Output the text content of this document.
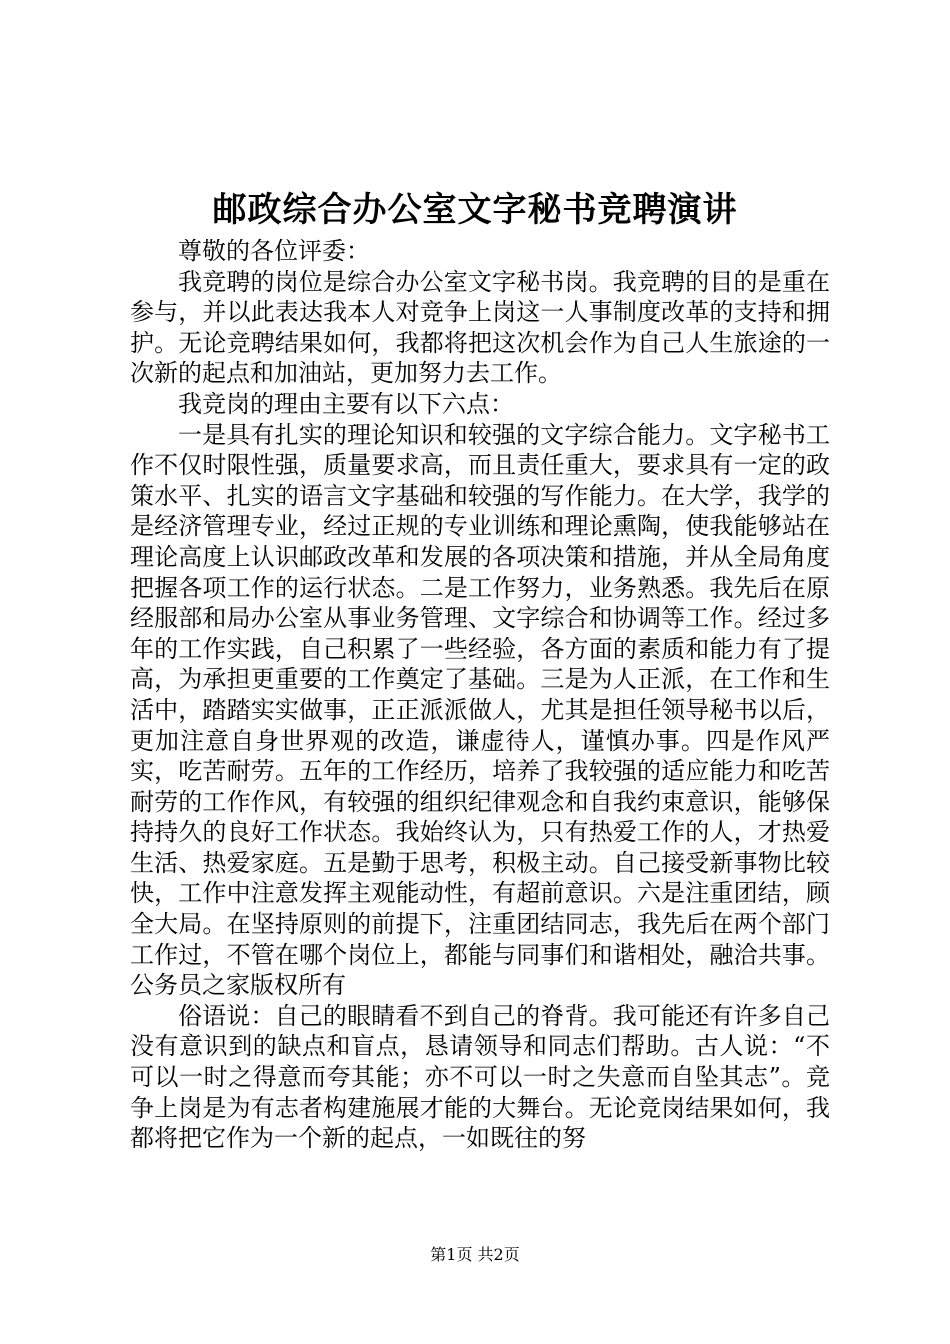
邮政综合办公室文字秘书竞聘演讲

尊敬的各位评委：

我竞聘的岗位是综合办公室文字秘书岗。我竞聘的目的是重在参与，并以此表达我本人对竞争上岗这一人事制度改革的支持和拥护。无论竞聘结果如何，我都将把这次机会作为自己人生旅途的一次新的起点和加油站，更加努力去工作。

我竞岗的理由主要有以下六点：

一是具有扎实的理论知识和较强的文字综合能力。文字秘书工作不仅时限性强，质量要求高，而且责任重大，要求具有一定的政策水平、扎实的语言文字基础和较强的写作能力。在大学，我学的是经济管理专业，经过正规的专业训练和理论熏陶，使我能够站在理论高度上认识邮政改革和发展的各项决策和措施，并从全局角度把握各项工作的运行状态。二是工作努力，业务熟悉。我先后在原经服部和局办公室从事业务管理、文字综合和协调等工作。经过多年的工作实践，自己积累了一些经验，各方面的素质和能力有了提高，为承担更重要的工作奠定了基础。三是为人正派，在工作和生活中，踏踏实实做事，正正派派做人，尤其是担任领导秘书以后，更加注意自身世界观的改造，谦虚待人，谨慎办事。四是作风严实，吃苦耐劳。五年的工作经历，培养了我较强的适应能力和吃苦耐劳的工作作风，有较强的组织纪律观念和自我约束意识，能够保持持久的良好工作状态。我始终认为，只有热爱工作的人，才热爱生活、热爱家庭。五是勤于思考，积极主动。自己接受新事物比较快，工作中注意发挥主观能动性，有超前意识。六是注重团结，顾全大局。在坚持原则的前提下，注重团结同志，我先后在两个部门工作过，不管在哪个岗位上，都能与同事们和谐相处，融洽共事。公务员之家版权所有

俗语说：自己的眼睛看不到自己的脊背。我可能还有许多自己没有意识到的缺点和盲点，恳请领导和同志们帮助。古人说：“不可以一时之得意而夸其能；亦不可以一时之失意而自坠其志”。竞争上岗是为有志者构建施展才能的大舞台。无论竞岗结果如何，我都将把它作为一个新的起点，一如既往的努

第1页 共2页
